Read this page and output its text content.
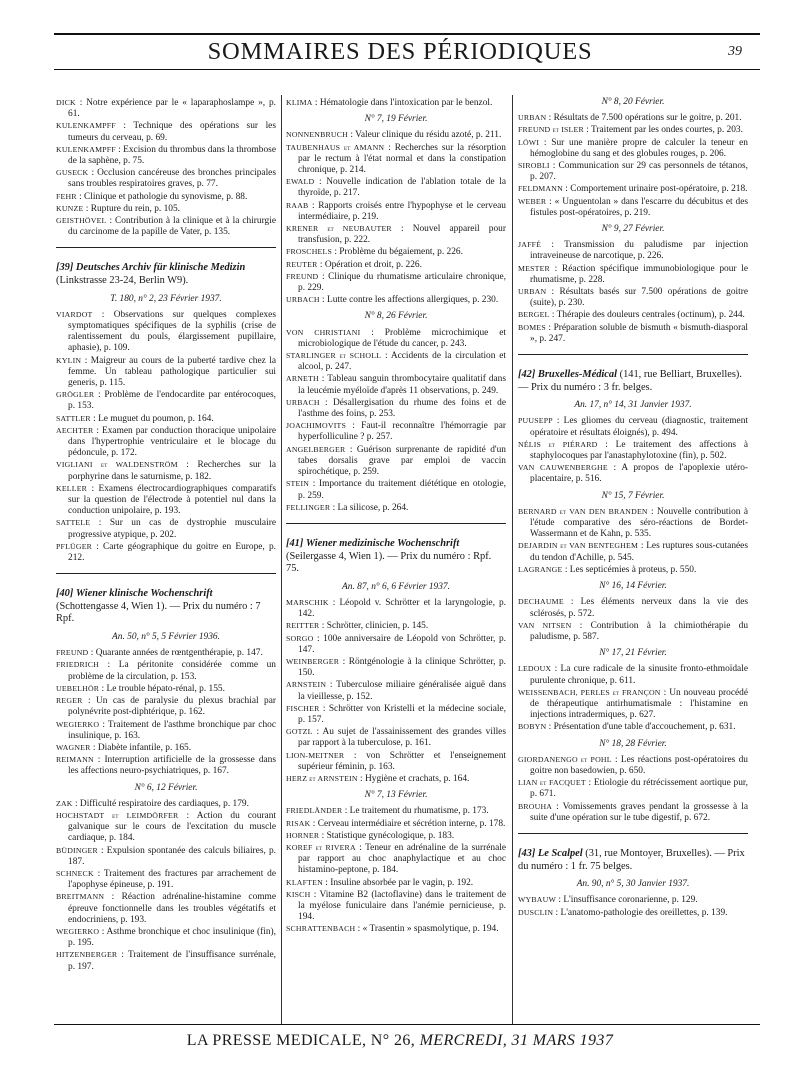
SOMMAIRES DES PÉRIODIQUES	39

DICK : Notre expérience par le « laparaphoslampe », p. 61.

KULENKAMPFF : Technique des opérations sur les tumeurs du cerveau, p. 69.

KULENKAMPFF : Excision du thrombus dans la thrombose de la saphène, p. 75.

GUSECK : Occlusion cancéreuse des bronches principales sans troubles respiratoires graves, p. 77.

FEHR : Clinique et pathologie du synovisme, p. 88.

KUNZE : Rupture du rein, p. 105.

GEISTHÖVEL : Contribution à la clinique et à la chirurgie du carcinome de la papille de Vater, p. 135.

[39] Deutsches Archiv für klinische Medizin (Linkstrasse 23-24, Berlin W9).
T. 180, n° 2, 23 Février 1937.

VIARDOT : Observations sur quelques complexes symptomatiques spécifiques de la syphilis (crise de ralentissement du pouls, élargissement pupillaire, aphasie), p. 109.

KYLIN : Maigreur au cours de la puberté tardive chez la femme. Un tableau pathologique particulier sui generis, p. 115.

GRÖGLER : Problème de l'endocardite par entérocoques, p. 153.

SATTLER : Le muguet du poumon, p. 164.

AECHTER : Examen par conduction thoracique unipolaire dans l'hypertrophie ventriculaire et le blocage du pédoncule, p. 172.

VIGLIANI et WALDENSTRÖM : Recherches sur la porphyrine dans le saturnisme, p. 182.

KELLER : Examens électrocardiographiques comparatifs sur la question de l'électrode à potentiel nul dans la conduction unipolaire, p. 193.

SATTELE : Sur un cas de dystrophie musculaire progressive atypique, p. 202.

PFLÜGER : Carte géographique du goitre en Europe, p. 212.

[40] Wiener klinische Wochenschrift (Schottengasse 4, Wien 1). — Prix du numéro : 7 Rpf.
An. 50, n° 5, 5 Février 1936.

FREUND : Quarante années de rœntgenthérapie, p. 147.

FRIEDRICH : La péritonite considérée comme un problème de la circulation, p. 153.

UEBELHÖR : Le trouble hépato-rénal, p. 155.

REGER : Un cas de paralysie du plexus brachial par polynévrite post-diphtérique, p. 162.

WEGIERKO : Traitement de l'asthme bronchique par choc insulinique, p. 163.

WAGNER : Diabète infantile, p. 165.

REIMANN : Interruption artificielle de la grossesse dans les affections neuro-psychiatriques, p. 167.

N° 6, 12 Février.

ZAK : Difficulté respiratoire des cardiaques, p. 179.

HOCHSTADT et LEIMDÖRFER : Action du courant galvanique sur le cours de l'excitation du muscle cardiaque, p. 184.

BÜDINGER : Expulsion spontanée des calculs biliaires, p. 187.

SCHNECK : Traitement des fractures par arrachement de l'apophyse épineuse, p. 191.

BREITMANN : Réaction adrénaline-histamine comme épreuve fonctionnelle dans les troubles végétatifs et endocriniens, p. 193.

WEGIERKO : Asthme bronchique et choc insulinique (fin), p. 195.

HITZENBERGER : Traitement de l'insuffisance surrénale, p. 197.

KLIMA : Hématologie dans l'intoxication par le benzol.

N° 7, 19 Février.

NONNENBRUCH : Valeur clinique du résidu azoté, p. 211.

TAUBENHAUS et AMANN : Recherches sur la résorption par le rectum à l'état normal et dans la constipation chronique, p. 214.

EWALD : Nouvelle indication de l'ablation totale de la thyroïde, p. 217.

RAAB : Rapports croisés entre l'hypophyse et le cerveau intermédiaire, p. 219.

KRENER et NEUBAUTER : Nouvel appareil pour transfusion, p. 222.

FROSCHELS : Problème du bégaiement, p. 226.

REUTER : Opération et droit, p. 226.

FREUND : Clinique du rhumatisme articulaire chronique, p. 229.

URBACH : Lutte contre les affections allergiques, p. 230.

N° 8, 26 Février.

VON CHRISTIANI : Problème microchimique et microbiologique de l'étude du cancer, p. 243.

STARLINGER et SCHOLL : Accidents de la circulation et alcool, p. 247.

ARNETH : Tableau sanguin thrombocytaire qualitatif dans la leucémie myéloïde d'après 11 observations, p. 249.

URBACH : Désallergisation du rhume des foins et de l'asthme des foins, p. 253.

JOACHIMOVITS : Faut-il reconnaître l'hémorragie par hyperfolliculine ? p. 257.

ANGELBERGER : Guérison surprenante de rapidité d'un tabes dorsalis grave par emploi de vaccin spirochétique, p. 259.

STEIN : Importance du traitement diététique en otologie, p. 259.

FELLINGER : La silicose, p. 264.

[41] Wiener medizinische Wochenschrift (Seilergasse 4, Wien 1). — Prix du numéro : Rpf. 75.
An. 87, n° 6, 6 Février 1937.

MARSCHIK : Léopold v. Schrötter et la laryngologie, p. 142.

REITTER : Schrötter, clinicien, p. 145.

SORGO : 100e anniversaire de Léopold von Schrötter, p. 147.

WEINBERGER : Röntgénologie à la clinique Schrötter, p. 150.

ARNSTEIN : Tuberculose miliaire généralisée aiguë dans la vieillesse, p. 152.

FISCHER : Schrötter von Kristelli et la médecine sociale, p. 157.

GOTZL : Au sujet de l'assainissement des grandes villes par rapport à la tuberculose, p. 161.

LION-MEITNER : von Schrötter et l'enseignement supérieur féminin, p. 163.

HERZ et ARNSTEIN : Hygiène et crachats, p. 164.

N° 7, 13 Février.

FRIEDLÄNDER : Le traitement du rhumatisme, p. 173.

RISAK : Cerveau intermédiaire et sécrétion interne, p. 178.

HORNER : Statistique gynécologique, p. 183.

KOREF et RIVERA : Teneur en adrénaline de la surrénale par rapport au choc anaphylactique et au choc histamino-peptone, p. 184.

KLAFTEN : Insuline absorbée par le vagin, p. 192.

KISCH : Vitamine B2 (lactoflavine) dans le traitement de la myélose funiculaire dans l'anémie pernicieuse, p. 194.

SCHRATTENBACH : « Trasentin » spasmolytique, p. 194.

N° 8, 20 Février.

URBAN : Résultats de 7.500 opérations sur le goitre, p. 201.

FREUND et ISLER : Traitement par les ondes courtes, p. 203.

LÖWI : Sur une manière propre de calculer la teneur en hémoglobine du sang et des globules rouges, p. 206.

SIROBLI : Communication sur 29 cas personnels de tétanos, p. 207.

FELDMANN : Comportement urinaire post-opératoire, p. 218.

WEBER : « Unguentolan » dans l'escarre du décubitus et des fistules post-opératoires, p. 219.

N° 9, 27 Février.

JAFFÉ : Transmission du paludisme par injection intraveineuse de narcotique, p. 226.

MESTER : Réaction spécifique immunobiologique pour le rhumatisme, p. 228.

URBAN : Résultats basés sur 7.500 opérations de goitre (suite), p. 230.

BERGEL : Thérapie des douleurs centrales (octinum), p. 244.

BOMES : Préparation soluble de bismuth « bismuth-diasporal », p. 247.

[42] Bruxelles-Médical (141, rue Belliart, Bruxelles). — Prix du numéro : 3 fr. belges.
An. 17, n° 14, 31 Janvier 1937.

PUUSEPP : Les gliomes du cerveau (diagnostic, traitement opératoire et résultats éloignés), p. 494.

NÉLIS et PIÉRARD : Le traitement des affections à staphylocoques par l'anastaphylotoxine (fin), p. 502.

VAN CAUWENBERGHE : A propos de l'apoplexie utéro-placentaire, p. 516.

N° 15, 7 Février.

BERNARD et VAN DEN BRANDEN : Nouvelle contribution à l'étude comparative des séro-réactions de Bordet-Wassermann et de Kahn, p. 535.

DEJARDIN et VAN BENTEGHEM : Les ruptures sous-cutanées du tendon d'Achille, p. 545.

LAGRANGE : Les septicémies à proteus, p. 550.

N° 16, 14 Février.

DECHAUME : Les éléments nerveux dans la vie des sclérosés, p. 572.

VAN NITSEN : Contribution à la chimiothérapie du paludisme, p. 587.

N° 17, 21 Février.

LEDOUX : La cure radicale de la sinusite fronto-ethmoïdale purulente chronique, p. 611.

WEISSENBACH, PERLES et FRANÇON : Un nouveau procédé de thérapeutique antirhumatismale : l'histamine en injections intradermiques, p. 627.

BOBYN : Présentation d'une table d'accouchement, p. 631.

N° 18, 28 Février.

GIORDANENGO et POHL : Les réactions post-opératoires du goitre non basedowien, p. 650.

LIAN et FACQUET : Etiologie du rétrécissement aortique pur, p. 671.

BROUHA : Vomissements graves pendant la grossesse à la suite d'une opération sur le tube digestif, p. 672.

[43] Le Scalpel (31, rue Montoyer, Bruxelles). — Prix du numéro : 1 fr. 75 belges.
An. 90, n° 5, 30 Janvier 1937.

WYBAUW : L'insuffisance coronarienne, p. 129.

DUSCLIN : L'anatomo-pathologie des oreillettes, p. 139.

LA PRESSE MEDICALE, N° 26, MERCREDI, 31 MARS 1937
